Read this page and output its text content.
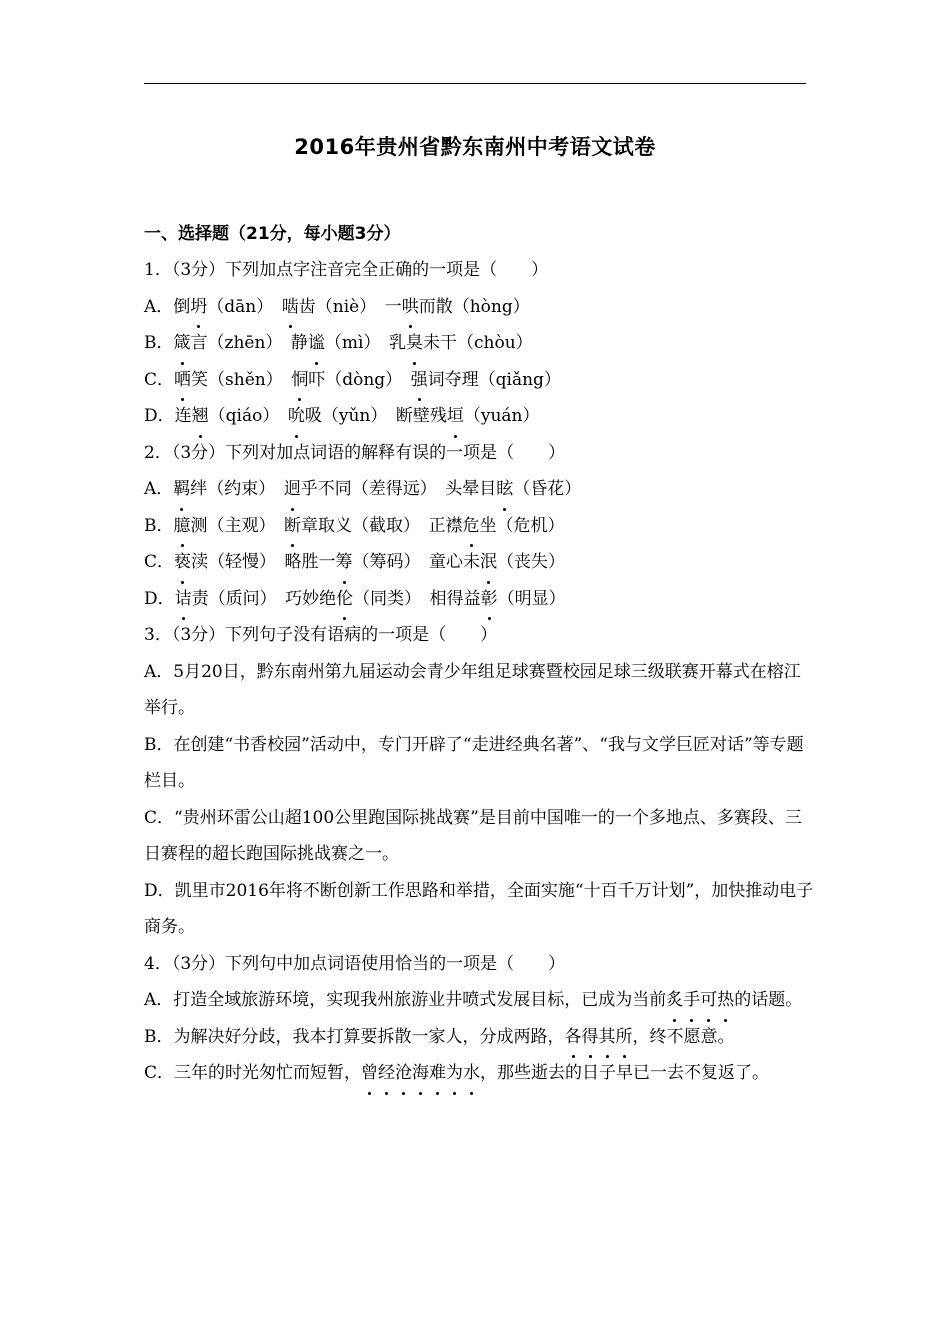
2016年贵州省黔东南州中考语文试卷
一、选择题（21分，每小题3分）
1．（3分）下列加点字注音完全正确的一项是（　　）
A．倒坍（dān）　啮齿（niè）　一哄而散（hòng）
B．箴言（zhēn）　静谧（mì）　乳臭未干（chòu）
C．哂笑（shěn）　恫吓（dòng）　强词夺理（qiǎng）
D．连翘（qiáo）　吮吸（yǔn）　断壁残垣（yuán）
2．（3分）下列对加点词语的解释有误的一项是（　　）
A．羁绊（约束）　迥乎不同（差得远）　头晕目眩（昏花）
B．臆测（主观）　断章取义（截取）　正襟危坐（危机）
C．亵渎（轻慢）　略胜一筹（筹码）　童心未泯（丧失）
D．诘责（质问）　巧妙绝伦（同类）　相得益彰（明显）
3．（3分）下列句子没有语病的一项是（　　）
A．5月20日，黔东南州第九届运动会青少年组足球赛暨校园足球三级联赛开幕式在榕江举行。
B．在创建“书香校园”活动中，专门开辟了“走进经典名著”、“我与文学巨匠对话”等专题栏目。
C．“贵州环雷公山超100公里跑国际挑战赛”是目前中国唯一的一个多地点、多赛段、三日赛程的超长跑国际挑战赛之一。
D．凯里市2016年将不断创新工作思路和举措，全面实施“十百千万计划”，加快推动电子商务。
4．（3分）下列句中加点词语使用恰当的一项是（　　）
A．打造全域旅游环境，实现我州旅游业井喷式发展目标，已成为当前炙手可热的话题。
B．为解决好分歧，我本打算要拆散一家人，分成两路，各得其所，终不愿意。
C．三年的时光匆忙而短暂，曾经沧海难为水，那些逝去的日子早已一去不复返了。
